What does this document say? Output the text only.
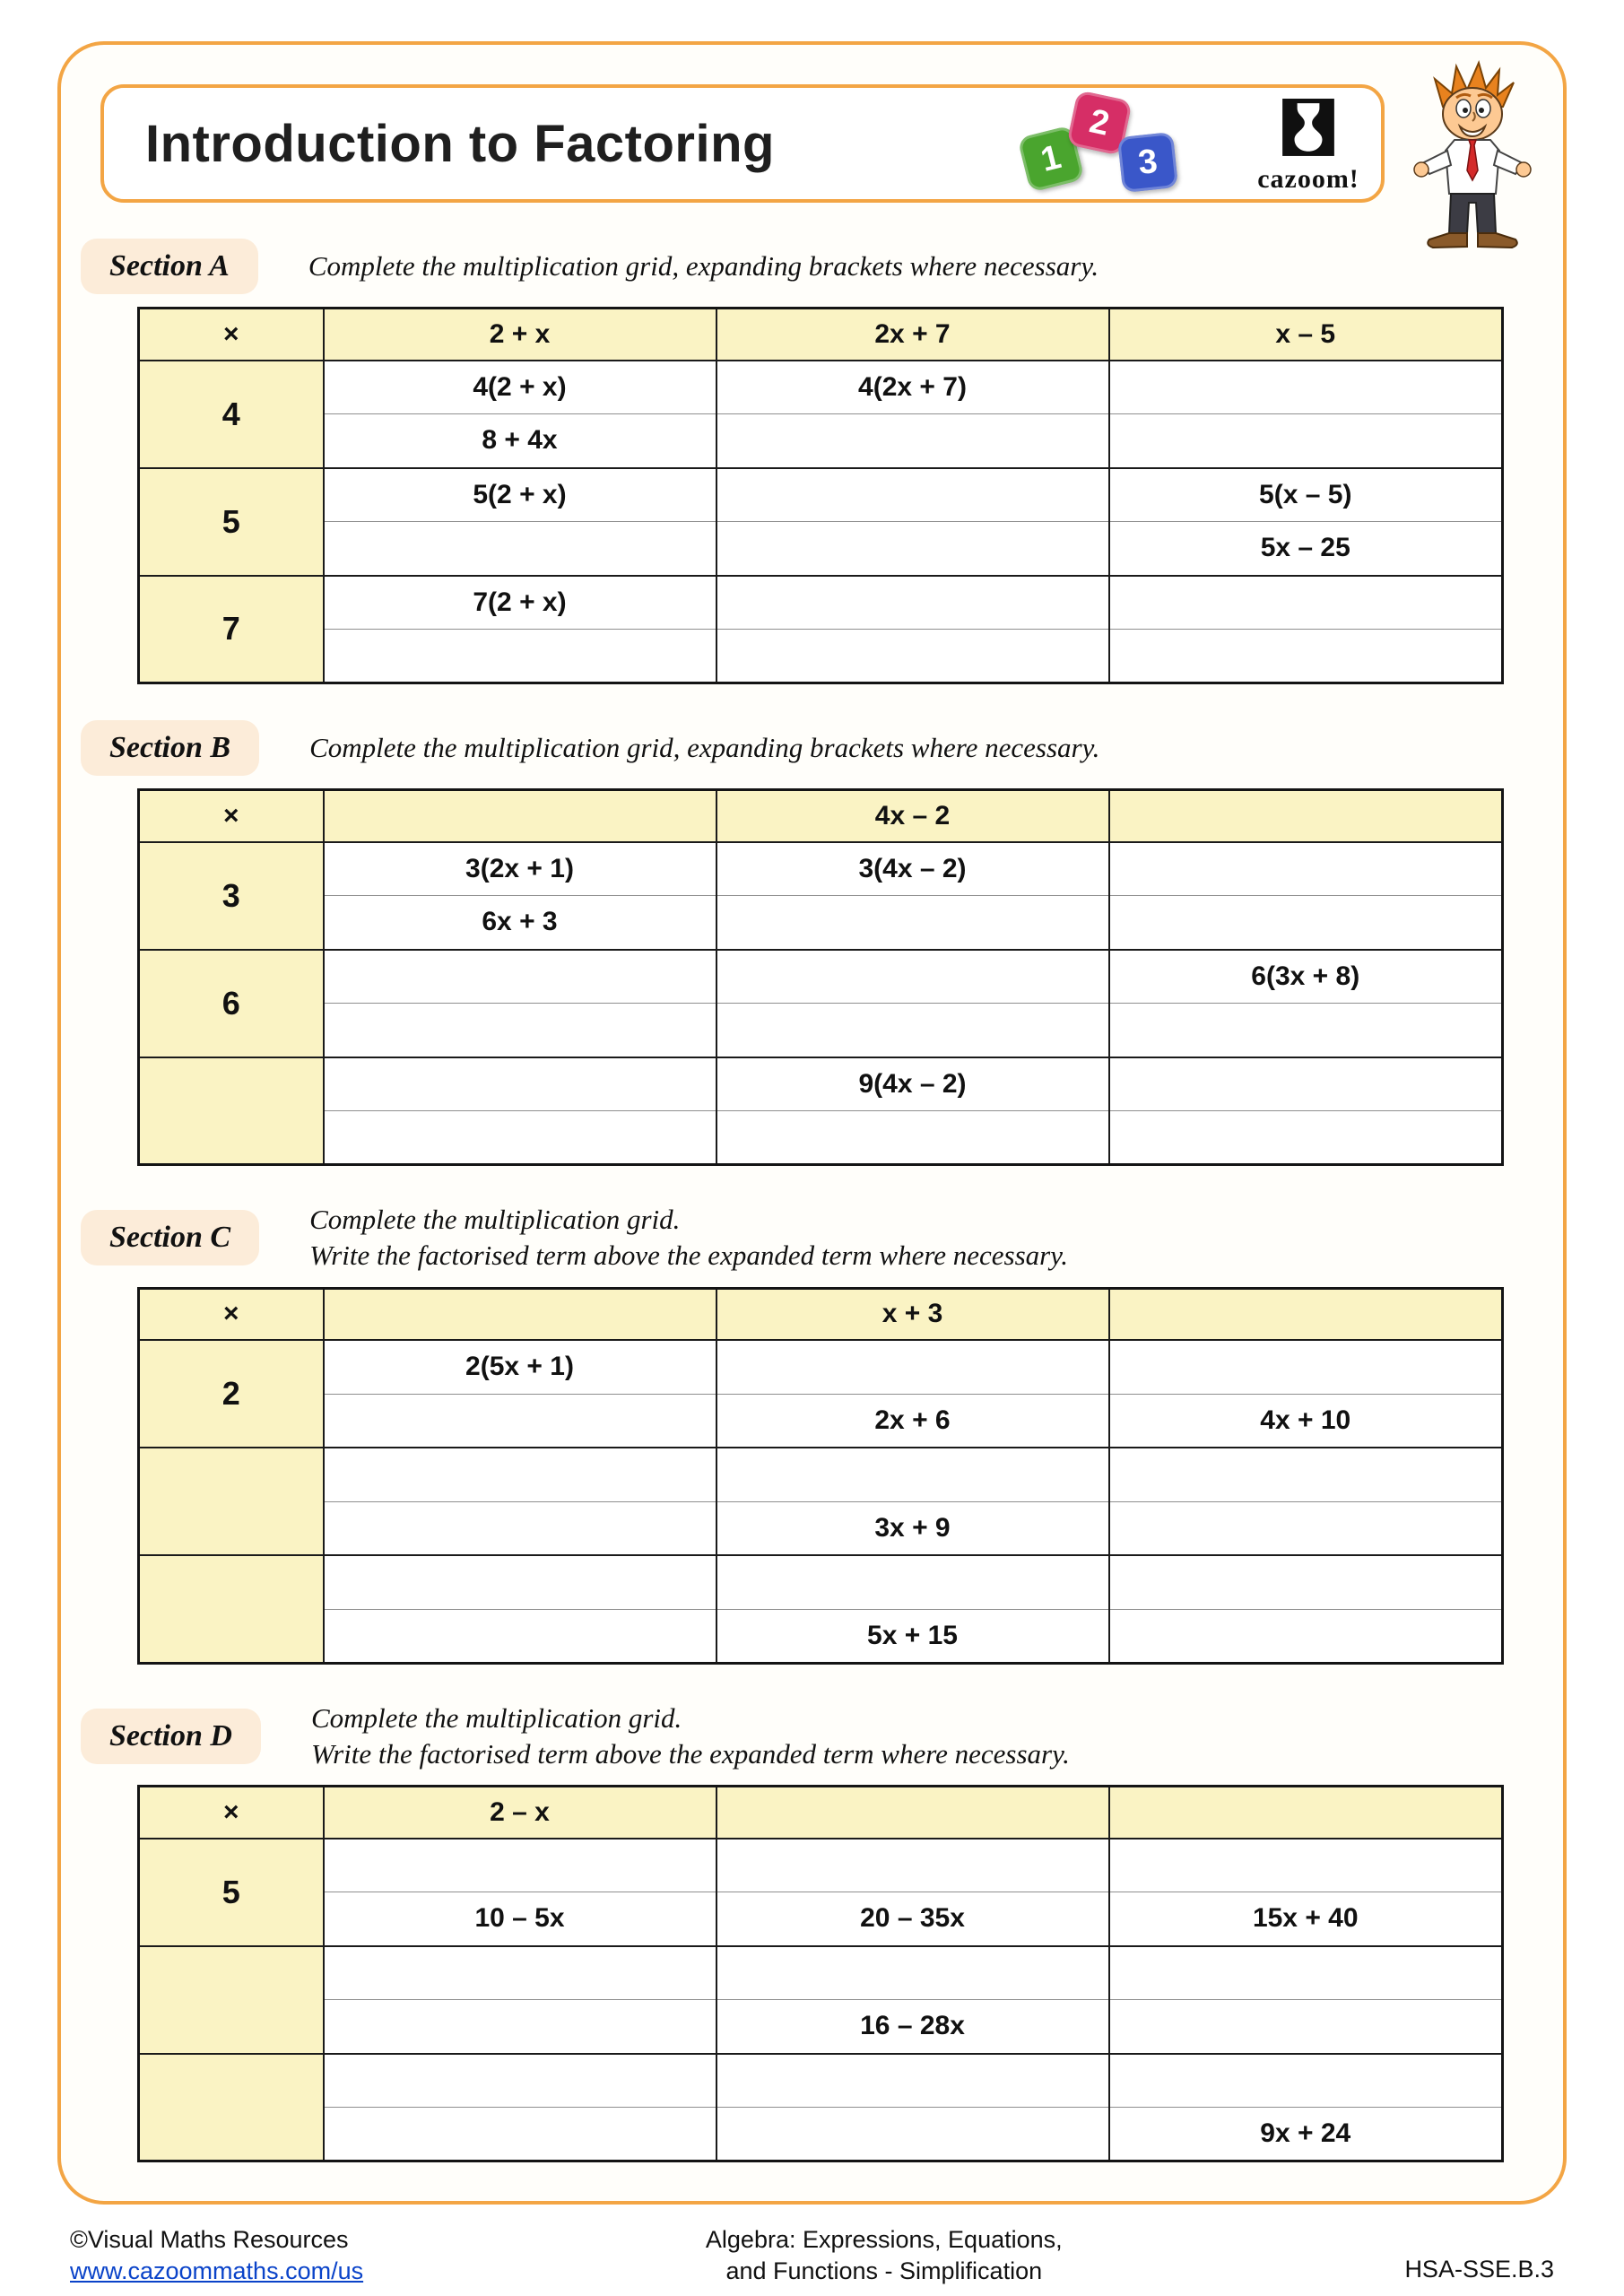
Introduction to Factoring	1
2
3	cazoom!
Section A	Complete the multiplication grid, expanding brackets where necessary.
×	2 + x	2x + 7	x – 5
4	4(2 + x)	4(2x + 7)	
	8 + 4x		
5	5(2 + x)		5(x – 5)
			5x – 25
7	7(2 + x)		

Section B	Complete the multiplication grid, expanding brackets where necessary.
×		4x – 2	
3	3(2x + 1)	3(4x – 2)	
	6x + 3		
6			6(3x + 8)

		9(4x – 2)	

Section C
Complete the multiplication grid.
Write the factorised term above the expanded term where necessary.
×		x + 3	
2	2(5x + 1)		
		2x + 6	4x + 10

		3x + 9	

		5x + 15	
Section D
Complete the multiplication grid.
Write the factorised term above the expanded term where necessary.
×	2 – x		
5			
	10 – 5x	20 – 35x	15x + 40

		16 – 28x	

			9x + 24
©Visual Maths Resources
www.cazoommaths.com/us
Algebra: Expressions, Equations,
and Functions - Simplification	HSA-SSE.B.3
